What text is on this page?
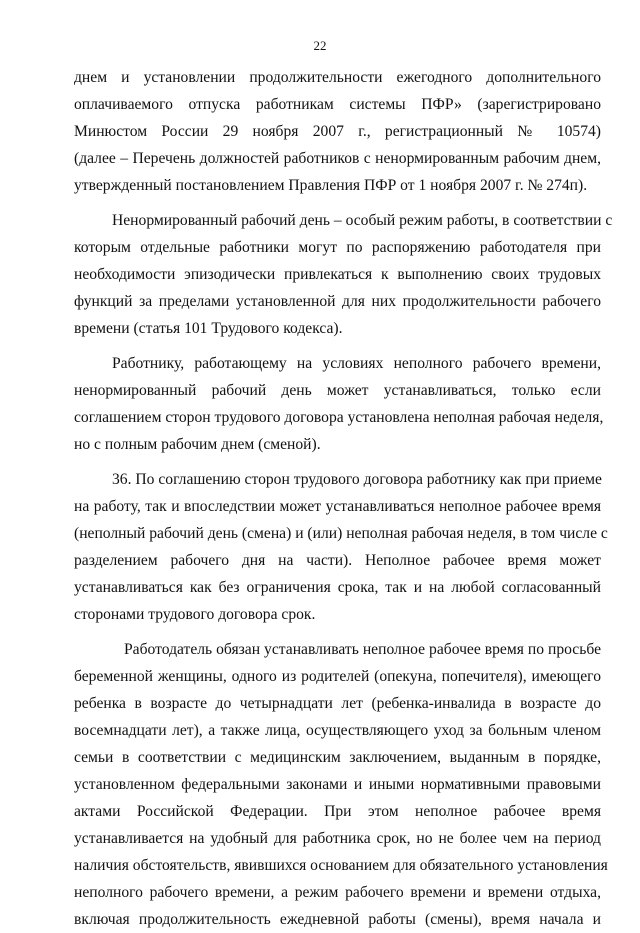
22
днем и установлении продолжительности ежегодного дополнительного
оплачиваемого отпуска работникам системы ПФР» (зарегистрировано
Минюстом России 29 ноября 2007 г., регистрационный № 10574)
(далее – Перечень должностей работников с ненормированным рабочим днем,
утвержденный постановлением Правления ПФР от 1 ноября 2007 г. № 274п).
Ненормированный рабочий день – особый режим работы, в соответствии с
которым отдельные работники могут по распоряжению работодателя при
необходимости эпизодически привлекаться к выполнению своих трудовых
функций за пределами установленной для них продолжительности рабочего
времени (статья 101 Трудового кодекса).
Работнику, работающему на условиях неполного рабочего времени,
ненормированный рабочий день может устанавливаться, только если
соглашением сторон трудового договора установлена неполная рабочая неделя,
но с полным рабочим днем (сменой).
36. По соглашению сторон трудового договора работнику как при приеме
на работу, так и впоследствии может устанавливаться неполное рабочее время
(неполный рабочий день (смена) и (или) неполная рабочая неделя, в том числе с
разделением рабочего дня на части). Неполное рабочее время может
устанавливаться как без ограничения срока, так и на любой согласованный
сторонами трудового договора срок.
Работодатель обязан устанавливать неполное рабочее время по просьбе
беременной женщины, одного из родителей (опекуна, попечителя), имеющего
ребенка в возрасте до четырнадцати лет (ребенка-инвалида в возрасте до
восемнадцати лет), а также лица, осуществляющего уход за больным членом
семьи в соответствии с медицинским заключением, выданным в порядке,
установленном федеральными законами и иными нормативными правовыми
актами Российской Федерации. При этом неполное рабочее время
устанавливается на удобный для работника срок, но не более чем на период
наличия обстоятельств, явившихся основанием для обязательного установления
неполного рабочего времени, а режим рабочего времени и времени отдыха,
включая продолжительность ежедневной работы (смены), время начала и
